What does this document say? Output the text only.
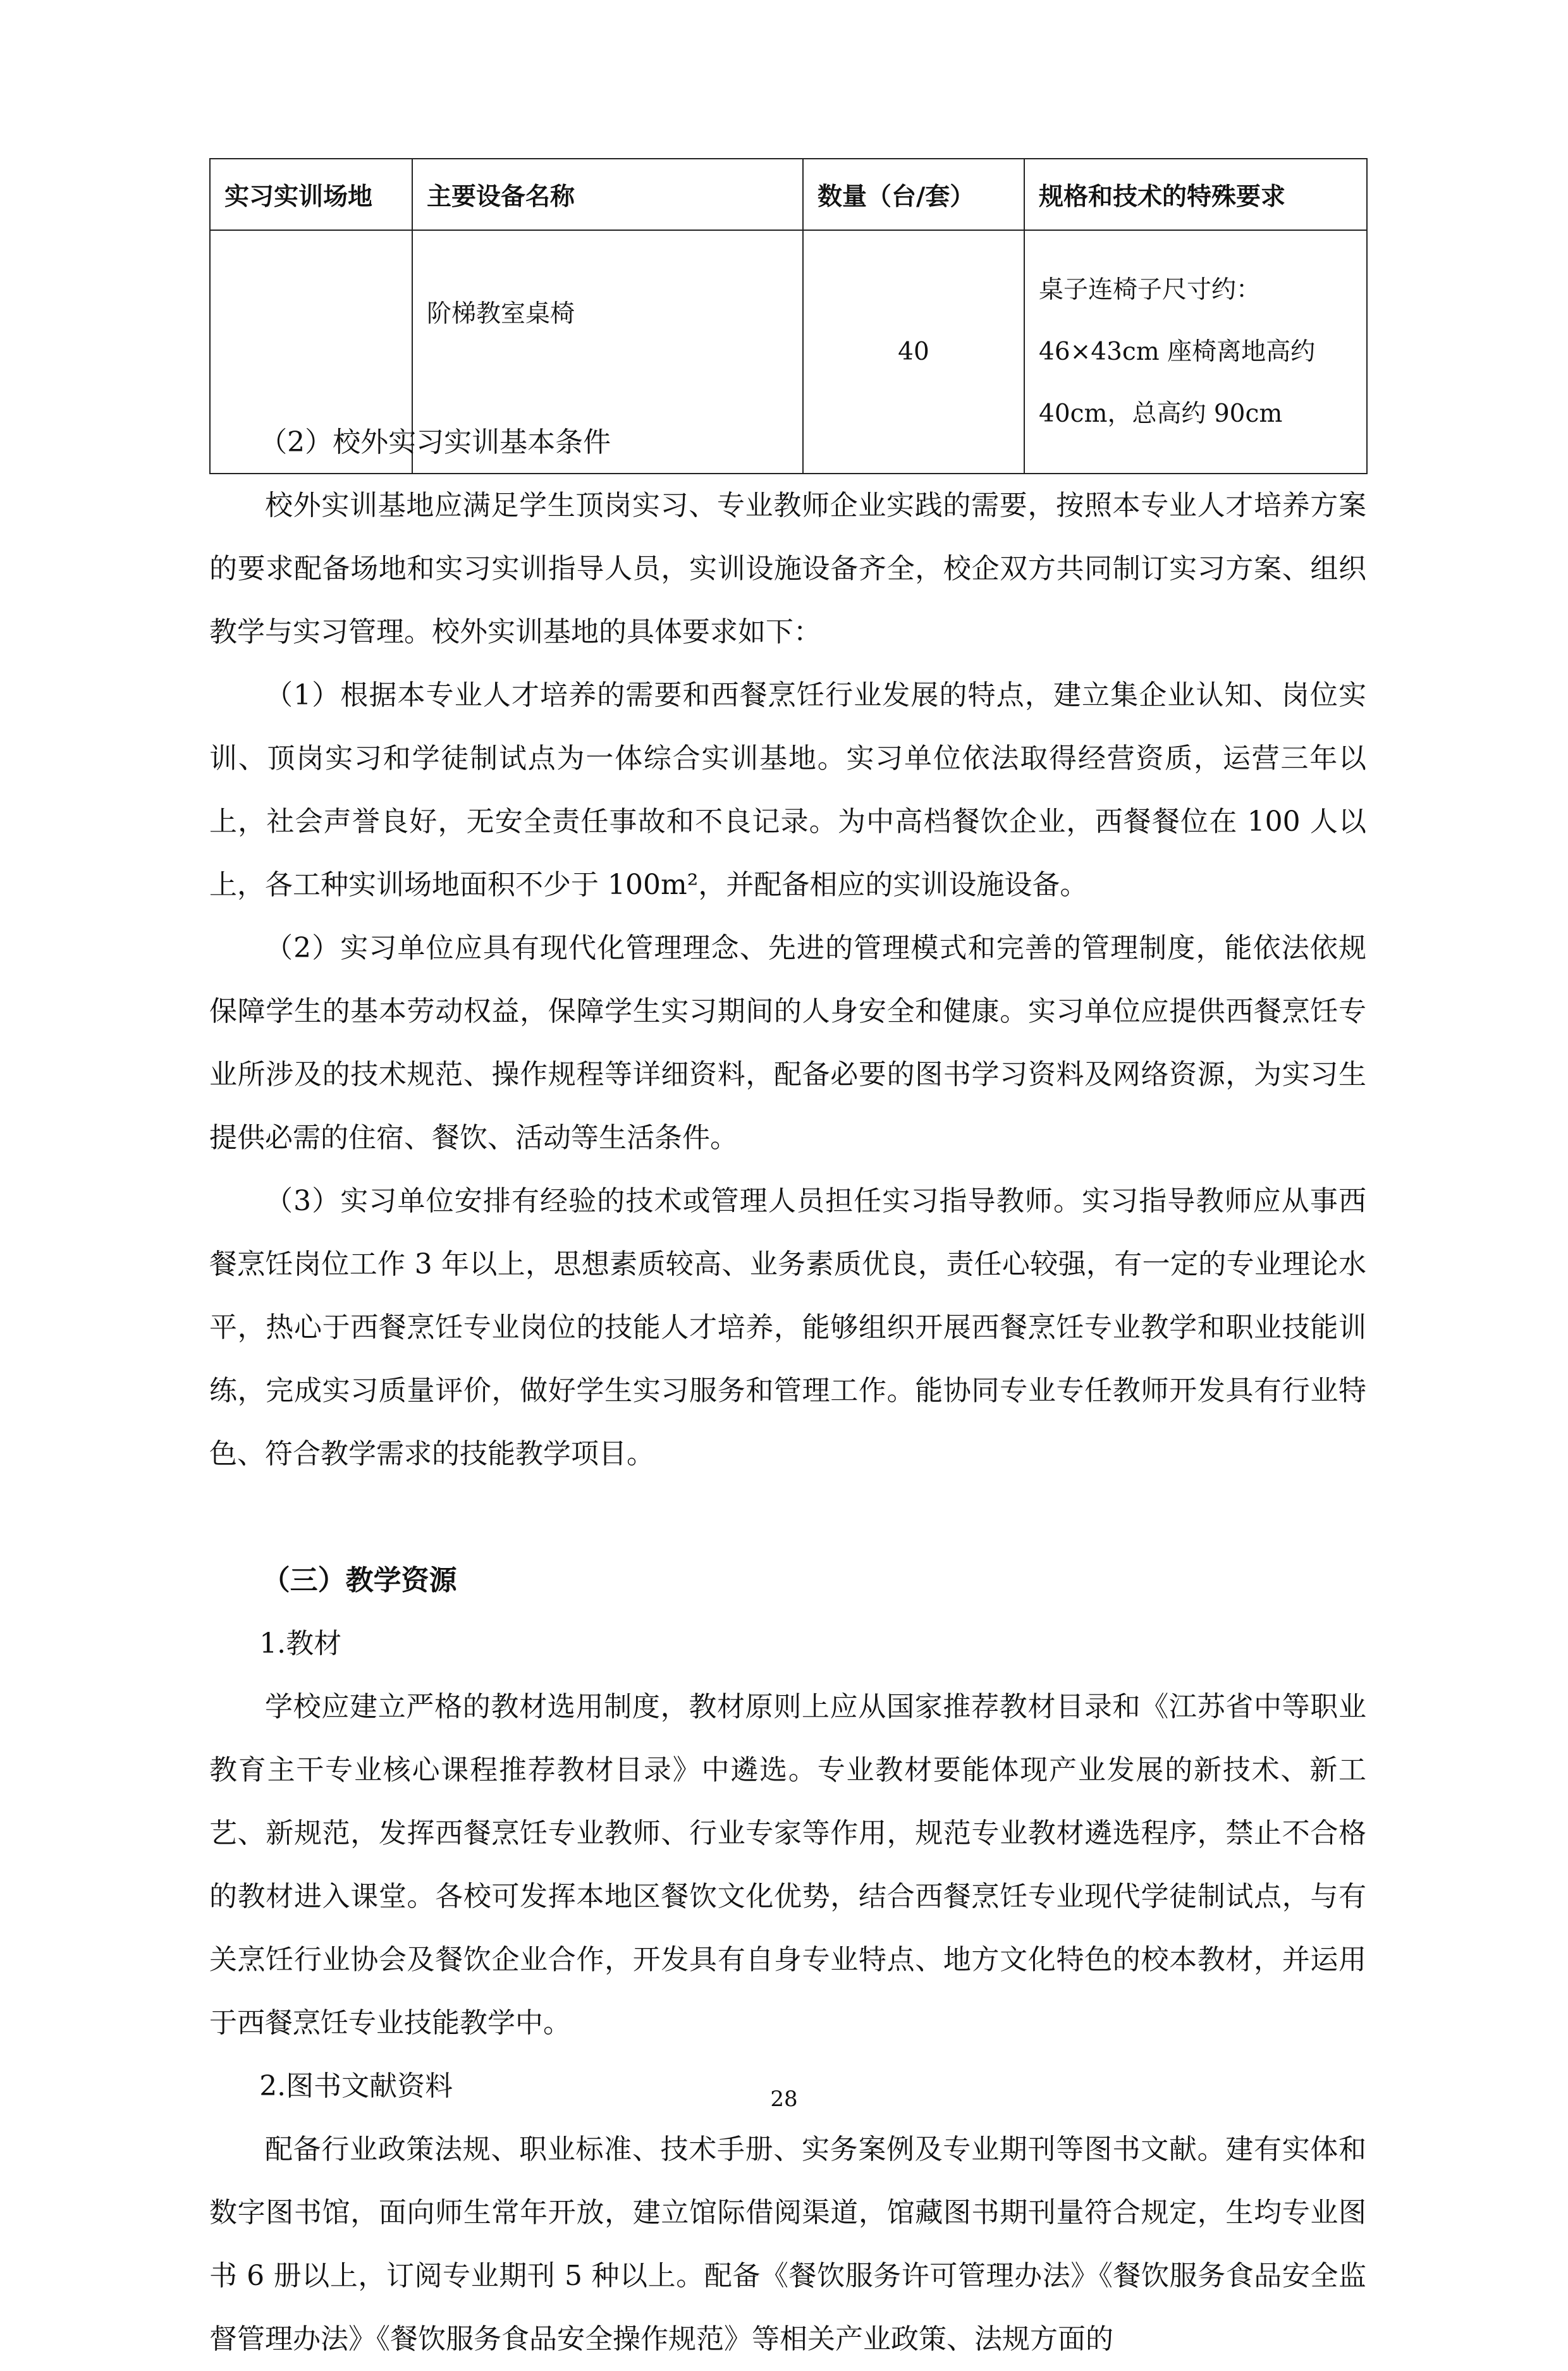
实习实训场地	主要设备名称	数量（台/套）	规格和技术的特殊要求
	阶梯教室桌椅	40	桌子连椅子尺寸约：46×43cm 座椅离地高约 40cm，总高约 90cm
（2）校外实习实训基本条件
校外实训基地应满足学生顶岗实习、专业教师企业实践的需要，按照本专业人才培养方案的要求配备场地和实习实训指导人员，实训设施设备齐全，校企双方共同制订实习方案、组织教学与实习管理。校外实训基地的具体要求如下：
（1）根据本专业人才培养的需要和西餐烹饪行业发展的特点，建立集企业认知、岗位实训、顶岗实习和学徒制试点为一体综合实训基地。实习单位依法取得经营资质，运营三年以上，社会声誉良好，无安全责任事故和不良记录。为中高档餐饮企业，西餐餐位在 100 人以上，各工种实训场地面积不少于 100m²，并配备相应的实训设施设备。
（2）实习单位应具有现代化管理理念、先进的管理模式和完善的管理制度，能依法依规保障学生的基本劳动权益，保障学生实习期间的人身安全和健康。实习单位应提供西餐烹饪专业所涉及的技术规范、操作规程等详细资料，配备必要的图书学习资料及网络资源，为实习生提供必需的住宿、餐饮、活动等生活条件。
（3）实习单位安排有经验的技术或管理人员担任实习指导教师。实习指导教师应从事西餐烹饪岗位工作 3 年以上，思想素质较高、业务素质优良，责任心较强，有一定的专业理论水平，热心于西餐烹饪专业岗位的技能人才培养，能够组织开展西餐烹饪专业教学和职业技能训练，完成实习质量评价，做好学生实习服务和管理工作。能协同专业专任教师开发具有行业特色、符合教学需求的技能教学项目。
（三）教学资源
1.教材
学校应建立严格的教材选用制度，教材原则上应从国家推荐教材目录和《江苏省中等职业教育主干专业核心课程推荐教材目录》中遴选。专业教材要能体现产业发展的新技术、新工艺、新规范，发挥西餐烹饪专业教师、行业专家等作用，规范专业教材遴选程序，禁止不合格的教材进入课堂。各校可发挥本地区餐饮文化优势，结合西餐烹饪专业现代学徒制试点，与有关烹饪行业协会及餐饮企业合作，开发具有自身专业特点、地方文化特色的校本教材，并运用于西餐烹饪专业技能教学中。
2.图书文献资料
配备行业政策法规、职业标准、技术手册、实务案例及专业期刊等图书文献。建有实体和数字图书馆，面向师生常年开放，建立馆际借阅渠道，馆藏图书期刊量符合规定，生均专业图书 6 册以上，订阅专业期刊 5 种以上。配备《餐饮服务许可管理办法》《餐饮服务食品安全监督管理办法》《餐饮服务食品安全操作规范》等相关产业政策、法规方面的
28
